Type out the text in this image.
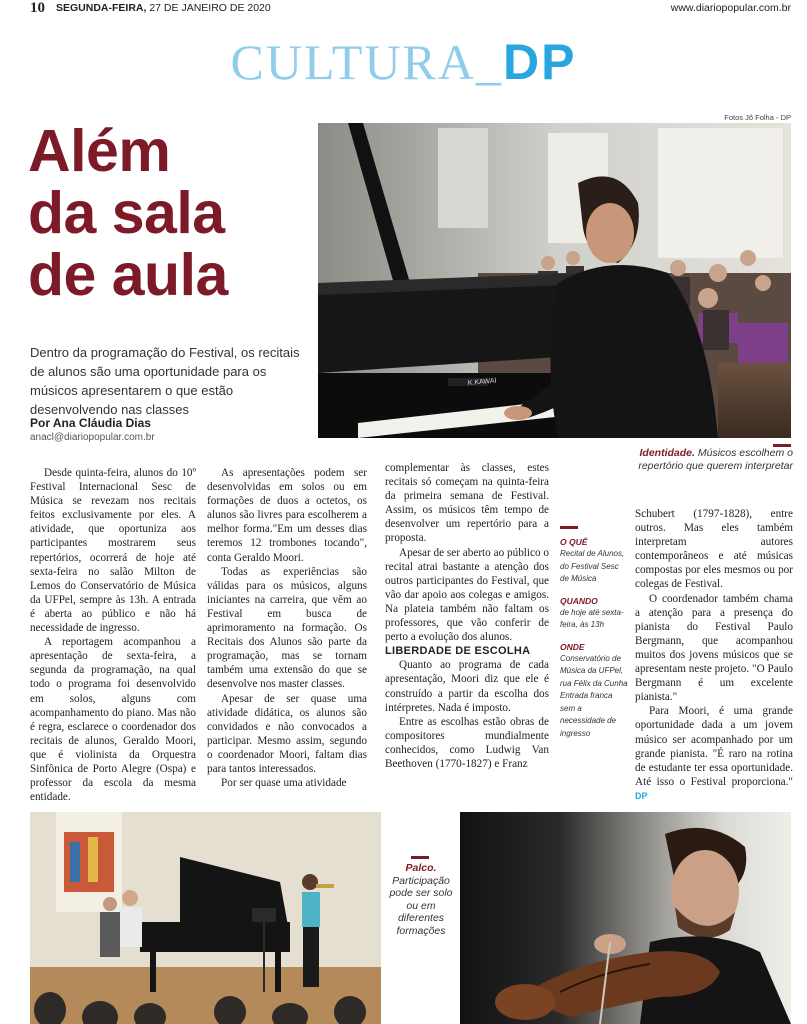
10 SEGUNDA-FEIRA, 27 DE JANEIRO DE 2020	www.diariopopular.com.br
CULTURA_DP
Além
da sala
de aula
Dentro da programação do Festival, os recitais de alunos são uma oportunidade para os músicos apresentarem o que estão desenvolvendo nas classes
Por Ana Cláudia Dias
anacl@diariopopular.com.br
Fotos Jô Folha - DP
K.KAWAI
Identidade. Músicos escolhem o repertório que querem interpretar

Desde quinta-feira, alunos do 10º Festival Internacional Sesc de Música se revezam nos recitais feitos exclusivamente por eles. A atividade, que oportuniza aos participantes mostrarem seus repertórios, ocorrerá de hoje até sexta-feira no salão Milton de Lemos do Conservatório de Música da UFPel, sempre às 13h. A entrada é aberta ao público e não há necessidade de ingresso.

A reportagem acompanhou a apresentação de sexta-feira, a segunda da programação, na qual todo o programa foi desenvolvido em solos, alguns com acompanhamento do piano. Mas não é regra, esclarece o coordenador dos recitais de alunos, Geraldo Moori, que é violinista da Orquestra Sinfônica de Porto Alegre (Ospa) e professor da escola da mesma entidade.

As apresentações podem ser desenvolvidas em solos ou em formações de duos a octetos, os alunos são livres para escolherem a melhor forma."Em um desses dias teremos 12 trombones tocando", conta Geraldo Moori.

Todas as experiências são válidas para os músicos, alguns iniciantes na carreira, que vêm ao Festival em busca de aprimoramento na formação. Os Recitais dos Alunos são parte da programação, mas se tornam também uma extensão do que se desenvolve nos master classes.

Apesar de ser quase uma atividade didática, os alunos são convidados e não convocados a participar. Mesmo assim, segundo o coordenador Moori, faltam dias para tantos interessados.

Por ser quase uma atividade

complementar às classes, estes recitais só começam na quinta-feira da primeira semana de Festival. Assim, os músicos têm tempo de desenvolver um repertório para a proposta.

Apesar de ser aberto ao público o recital atrai bastante a atenção dos outros participantes do Festival, que vão dar apoio aos colegas e amigos. Na plateia também não faltam os professores, que vão conferir de perto a evolução dos alunos.

LIBERDADE DE ESCOLHA

Quanto ao programa de cada apresentação, Moori diz que ele é construído a partir da escolha dos intérpretes. Nada é imposto.

Entre as escolhas estão obras de compositores mundialmente conhecidos, como Ludwig Van Beethoven (1770-1827) e Franz

O QUÊ
Recital de Alunos, do Festival Sesc de Música
QUANDO
de hoje até sexta-feira, às 13h
ONDE
Conservatório de Música da UFPel, rua Félix da Cunha Entrada franca sem a necessidade de ingresso

Schubert (1797-1828), entre outros. Mas eles também interpretam autores contemporâneos e até músicas compostas por eles mesmos ou por colegas de Festival.

O coordenador também chama a atenção para a presença do pianista do Festival Paulo Bergmann, que acompanhou muitos dos jovens músicos que se apresentam neste projeto. "O Paulo Bergmann é um excelente pianista."

Para Moori, é uma grande oportunidade dada a um jovem músico ser acompanhado por um grande pianista. "É raro na rotina de estudante ter essa oportunidade. Até isso o Festival proporciona." DP

Palco.
Participação pode ser solo ou em diferentes formações
